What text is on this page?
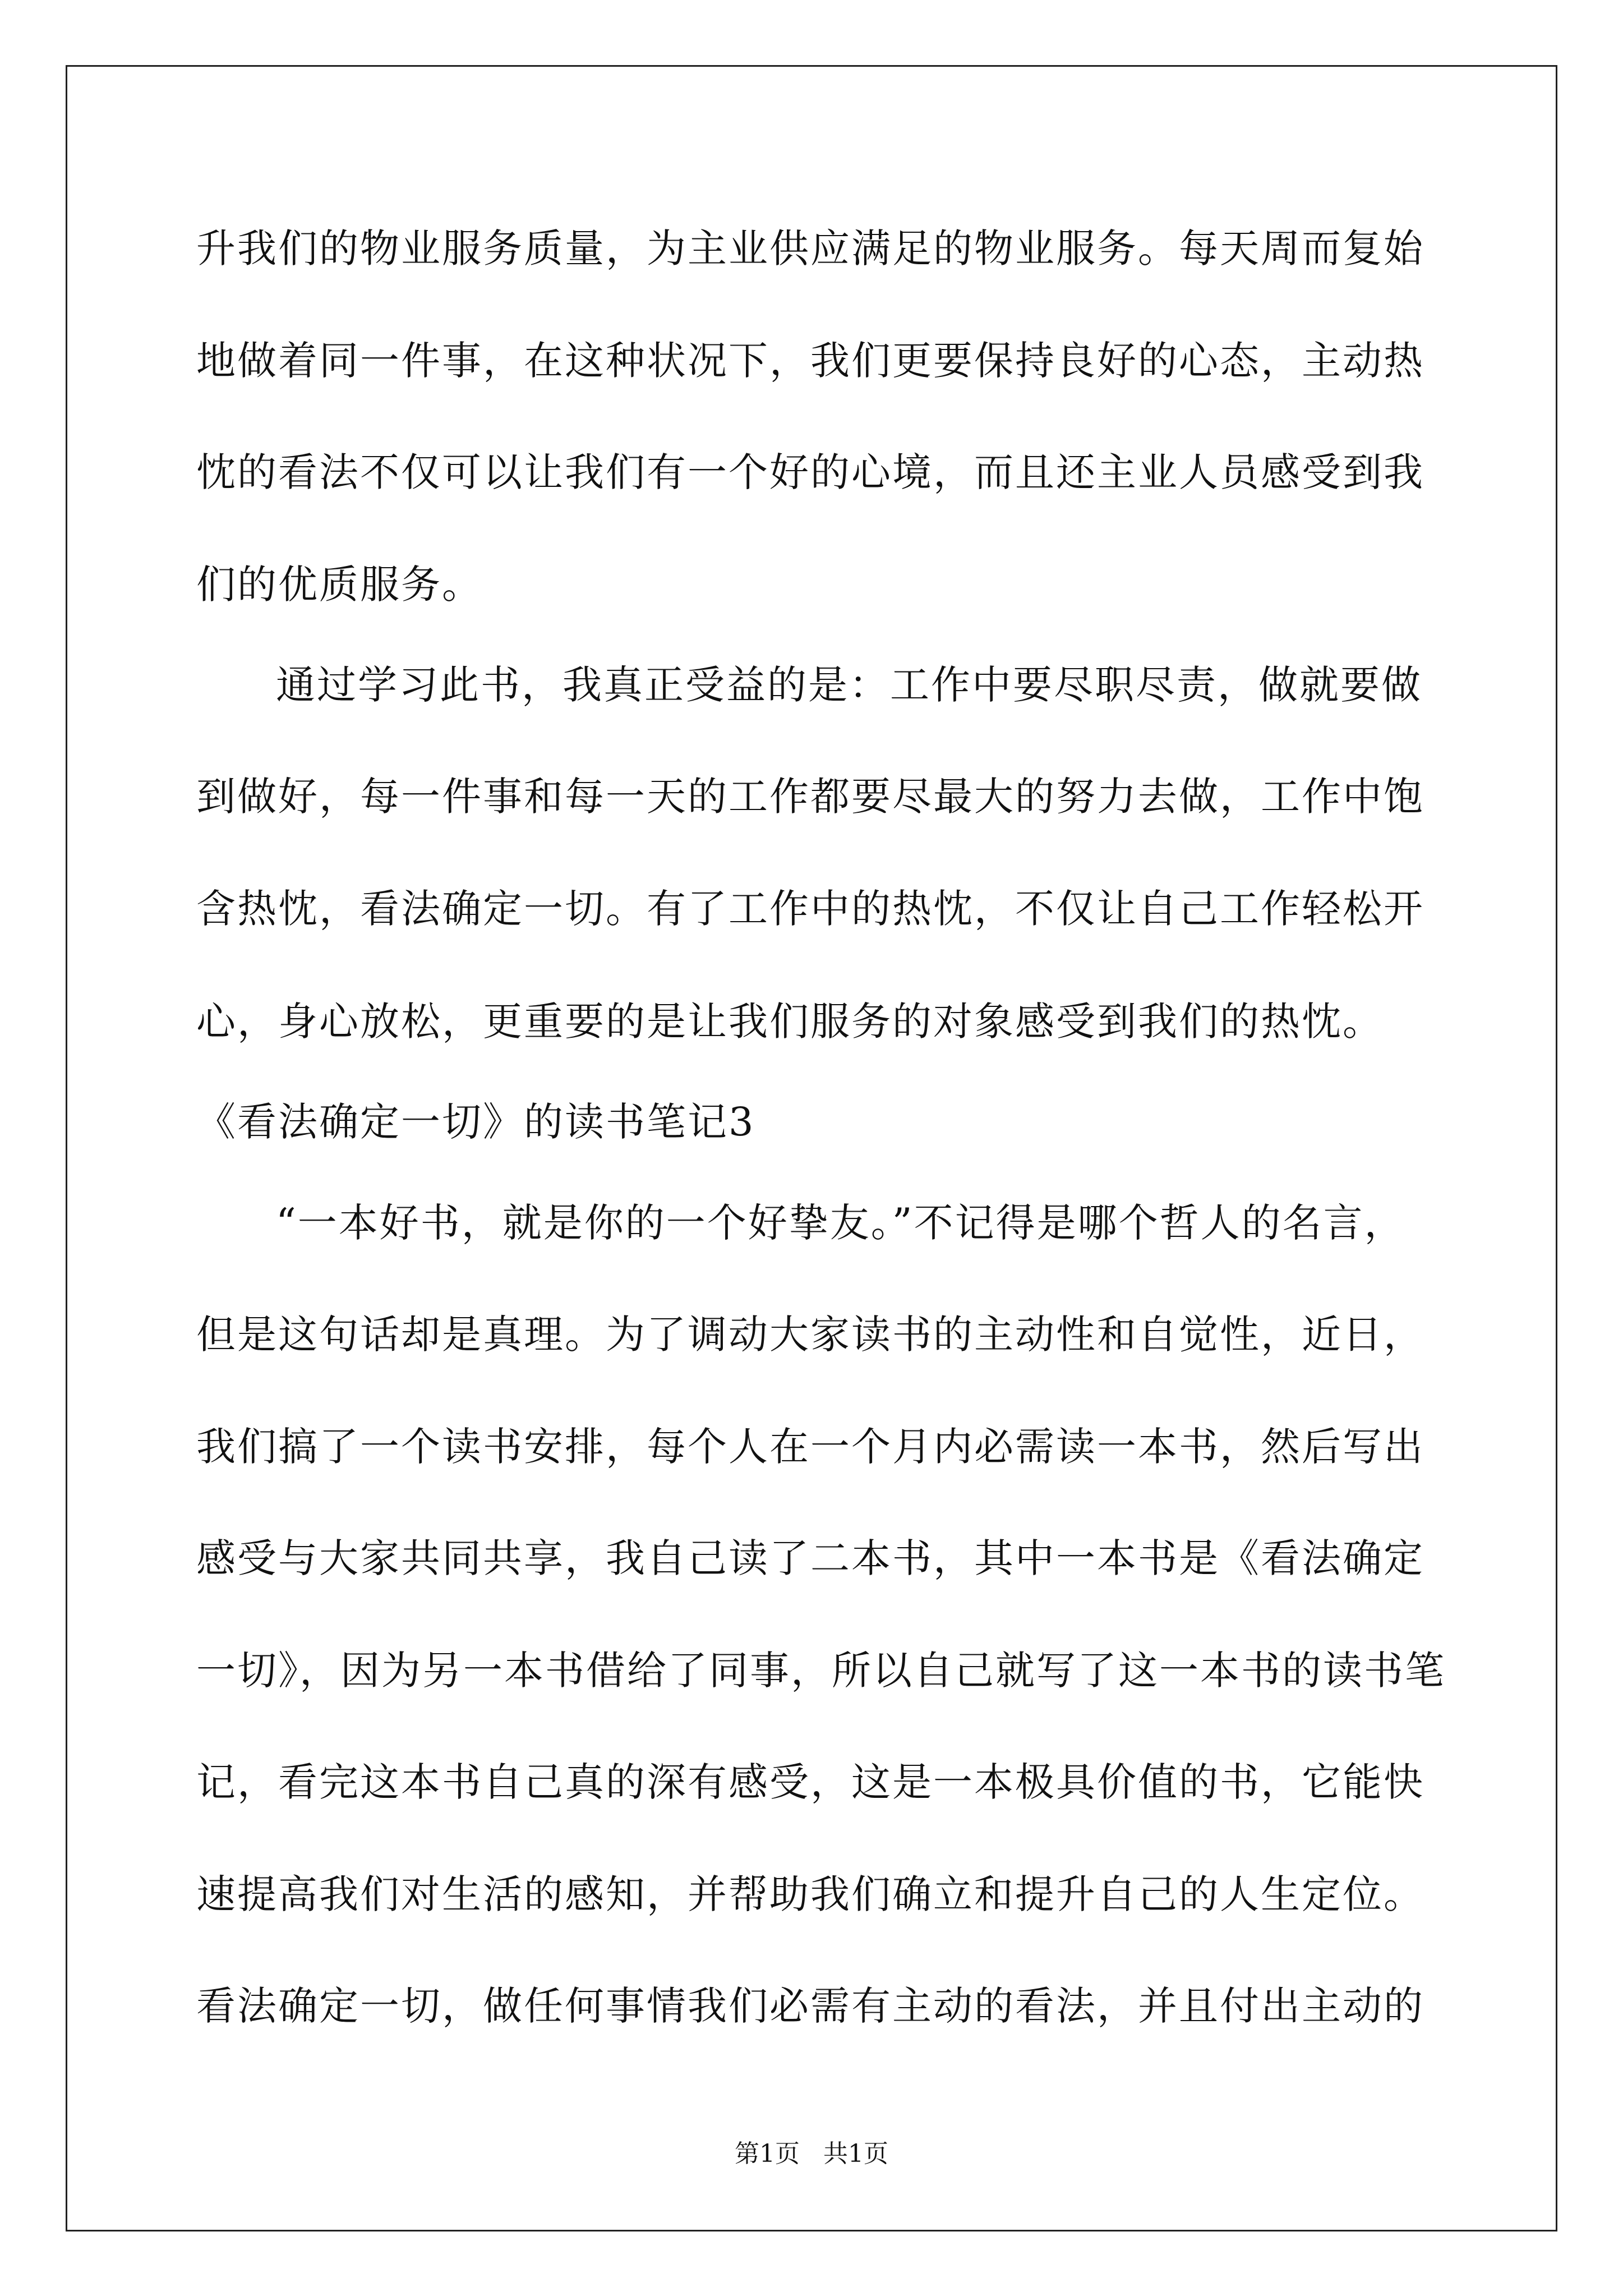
升我们的物业服务质量，为主业供应满足的物业服务。每天周而复始
地做着同一件事，在这种状况下，我们更要保持良好的心态，主动热
忱的看法不仅可以让我们有一个好的心境，而且还主业人员感受到我
们的优质服务。
通过学习此书，我真正受益的是：工作中要尽职尽责，做就要做
到做好，每一件事和每一天的工作都要尽最大的努力去做，工作中饱
含热忱，看法确定一切。有了工作中的热忱，不仅让自己工作轻松开
心，身心放松，更重要的是让我们服务的对象感受到我们的热忱。
《看法确定一切》的读书笔记3
“一本好书，就是你的一个好挚友。”不记得是哪个哲人的名言，
但是这句话却是真理。为了调动大家读书的主动性和自觉性，近日，
我们搞了一个读书安排，每个人在一个月内必需读一本书，然后写出
感受与大家共同共享，我自己读了二本书，其中一本书是《看法确定
一切》，因为另一本书借给了同事，所以自己就写了这一本书的读书笔
记，看完这本书自己真的深有感受，这是一本极具价值的书，它能快
速提高我们对生活的感知，并帮助我们确立和提升自己的人生定位。
看法确定一切，做任何事情我们必需有主动的看法，并且付出主动的
第1页   共1页
